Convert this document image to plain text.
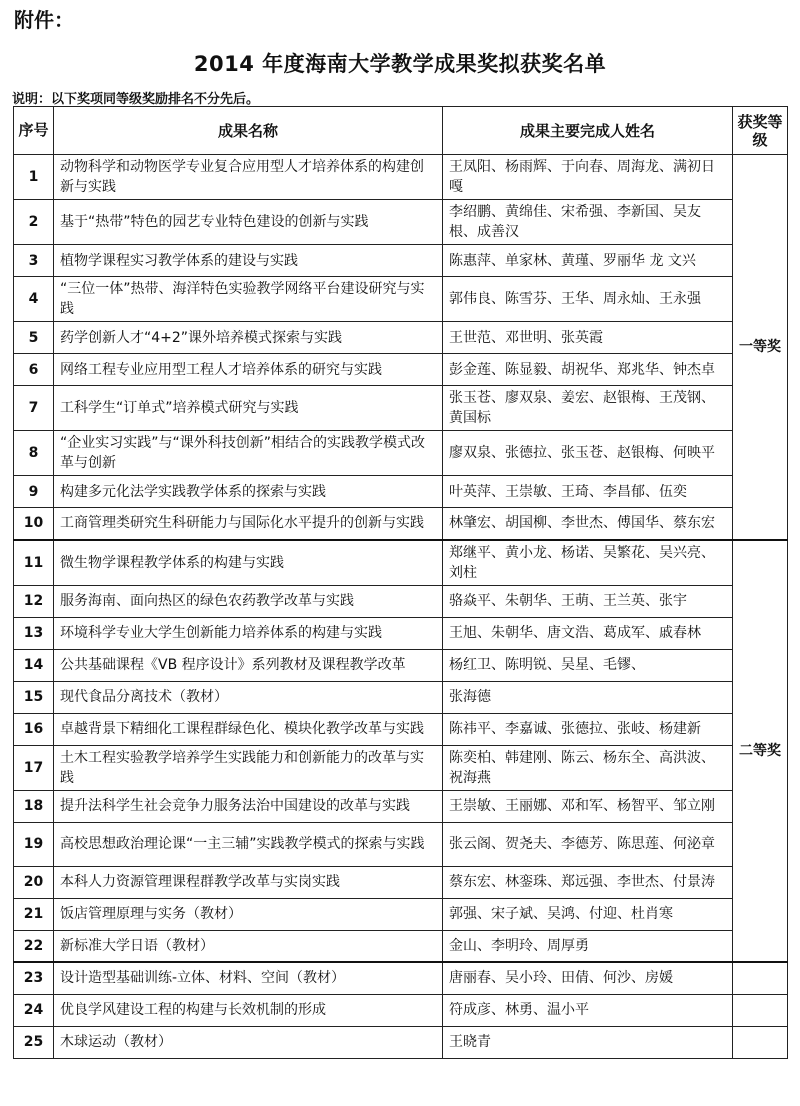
附件：
2014 年度海南大学教学成果奖拟获奖名单
说明：以下奖项同等级奖励排名不分先后。
序号	成果名称	成果主要完成人姓名	获奖等级
1	动物科学和动物医学专业复合应用型人才培养体系的构建创新与实践	王凤阳、杨雨辉、于向春、周海龙、满初日嘎	一等奖
2	基于“热带”特色的园艺专业特色建设的创新与实践	李绍鹏、黄绵佳、宋希强、李新国、吴友根、成善汉	
3	植物学课程实习教学体系的建设与实践	陈惠萍、单家林、黄瑾、罗丽华 龙 文兴	
4	“三位一体”热带、海洋特色实验教学网络平台建设研究与实践	郭伟良、陈雪芬、王华、周永灿、王永强	
5	药学创新人才“4+2”课外培养模式探索与实践	王世范、邓世明、张英霞	
6	网络工程专业应用型工程人才培养体系的研究与实践	彭金莲、陈显毅、胡祝华、郑兆华、钟杰卓	
7	工科学生“订单式”培养模式研究与实践	张玉苍、廖双泉、姜宏、赵银梅、王茂钢、黄国标	
8	“企业实习实践”与“课外科技创新”相结合的实践教学模式改革与创新	廖双泉、张德拉、张玉苍、赵银梅、何映平	
9	构建多元化法学实践教学体系的探索与实践	叶英萍、王崇敏、王琦、李昌郁、伍奕	
10	工商管理类研究生科研能力与国际化水平提升的创新与实践	林肇宏、胡国柳、李世杰、傅国华、蔡东宏	
11	微生物学课程教学体系的构建与实践	郑继平、黄小龙、杨诺、吴繁花、吴兴亮、刘柱	二等奖
12	服务海南、面向热区的绿色农药教学改革与实践	骆焱平、朱朝华、王萌、王兰英、张宇	
13	环境科学专业大学生创新能力培养体系的构建与实践	王旭、朱朝华、唐文浩、葛成军、戚春林	
14	公共基础课程《VB 程序设计》系列教材及课程教学改革	杨红卫、陈明锐、吴星、毛镠、	
15	现代食品分离技术（教材）	张海德	
16	卓越背景下精细化工课程群绿色化、模块化教学改革与实践	陈祎平、李嘉诚、张德拉、张岐、杨建新	
17	土木工程实验教学培养学生实践能力和创新能力的改革与实践	陈奕柏、韩建刚、陈云、杨东全、高洪波、祝海燕	
18	提升法科学生社会竞争力服务法治中国建设的改革与实践	王崇敏、王丽娜、邓和军、杨智平、邹立刚	
19	高校思想政治理论课“一主三辅”实践教学模式的探索与实践	张云阁、贺尧夫、李德芳、陈思莲、何泌章	
20	本科人力资源管理课程群教学改革与实岗实践	蔡东宏、林銮珠、郑远强、李世杰、付景涛	
21	饭店管理原理与实务（教材）	郭强、宋子斌、吴鸿、付迎、杜肖寒	
22	新标准大学日语（教材）	金山、李明玲、周厚勇	
23	设计造型基础训练-立体、材料、空间（教材）	唐丽春、吴小玲、田倩、何沙、房媛	
24	优良学风建设工程的构建与长效机制的形成	符成彦、林勇、温小平	
25	木球运动（教材）	王晓青	
